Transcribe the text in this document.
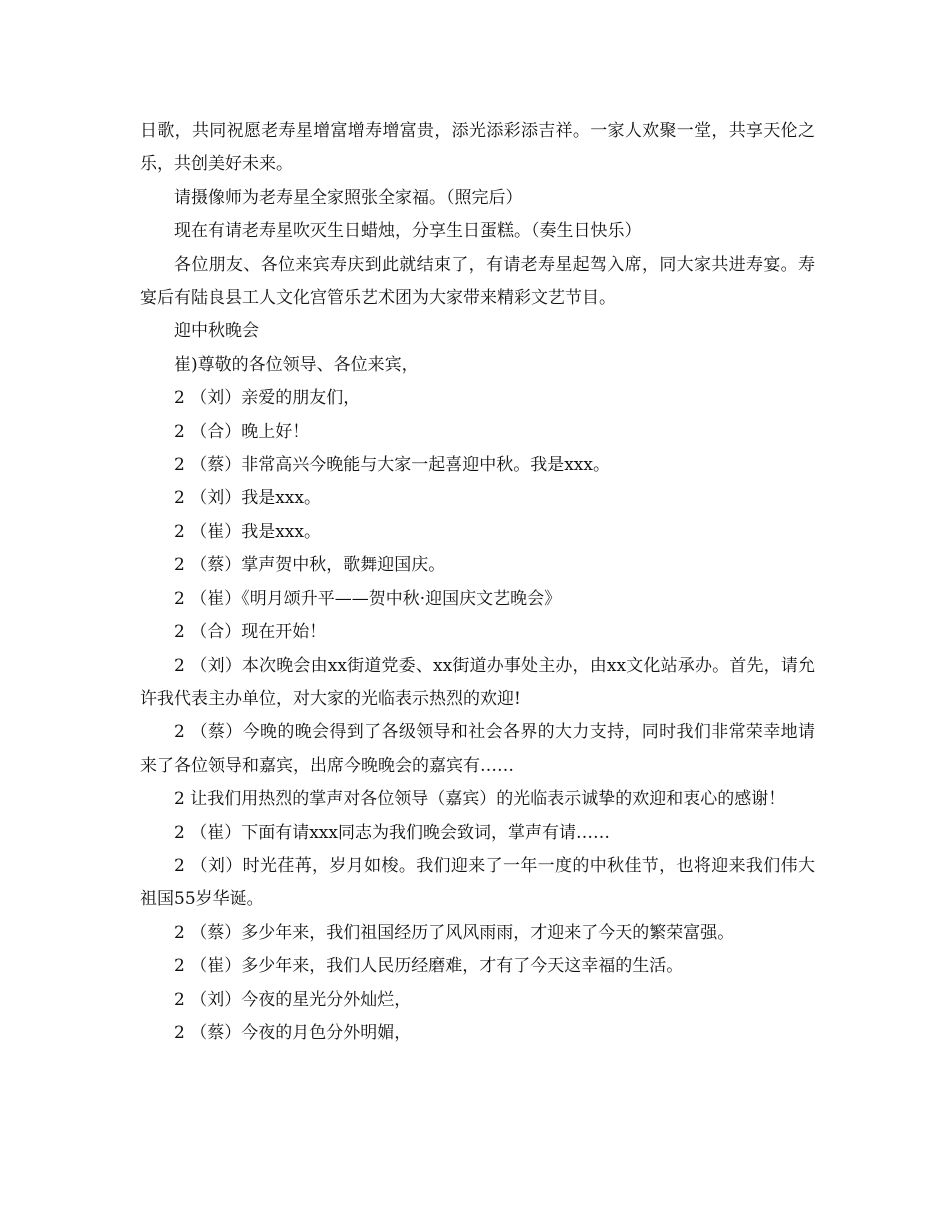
日歌，共同祝愿老寿星增富增寿增富贵，添光添彩添吉祥。一家人欢聚一堂，共享天伦之乐，共创美好未来。

请摄像师为老寿星全家照张全家福。（照完后）

现在有请老寿星吹灭生日蜡烛，分享生日蛋糕。（奏生日快乐）

各位朋友、各位来宾寿庆到此就结束了，有请老寿星起驾入席，同大家共进寿宴。寿宴后有陆良县工人文化宫管乐艺术团为大家带来精彩文艺节目。

迎中秋晚会

崔)尊敬的各位领导、各位来宾，

2 （刘）亲爱的朋友们，

2 （合）晚上好！

2 （蔡）非常高兴今晚能与大家一起喜迎中秋。我是xxx。

2 （刘）我是xxx。

2 （崔）我是xxx。

2 （蔡）掌声贺中秋，歌舞迎国庆。

2 （崔）《明月颂升平——贺中秋·迎国庆文艺晚会》

2 （合）现在开始！

2 （刘）本次晚会由xx街道党委、xx街道办事处主办，由xx文化站承办。首先，请允许我代表主办单位，对大家的光临表示热烈的欢迎!

2 （蔡）今晚的晚会得到了各级领导和社会各界的大力支持，同时我们非常荣幸地请来了各位领导和嘉宾，出席今晚晚会的嘉宾有……

2 让我们用热烈的掌声对各位领导（嘉宾）的光临表示诚挚的欢迎和衷心的感谢！

2 （崔）下面有请xxx同志为我们晚会致词，掌声有请……

2 （刘）时光荏苒，岁月如梭。我们迎来了一年一度的中秋佳节，也将迎来我们伟大祖国55岁华诞。

2 （蔡）多少年来，我们祖国经历了风风雨雨，才迎来了今天的繁荣富强。

2 （崔）多少年来，我们人民历经磨难，才有了今天这幸福的生活。

2 （刘）今夜的星光分外灿烂，

2 （蔡）今夜的月色分外明媚，
